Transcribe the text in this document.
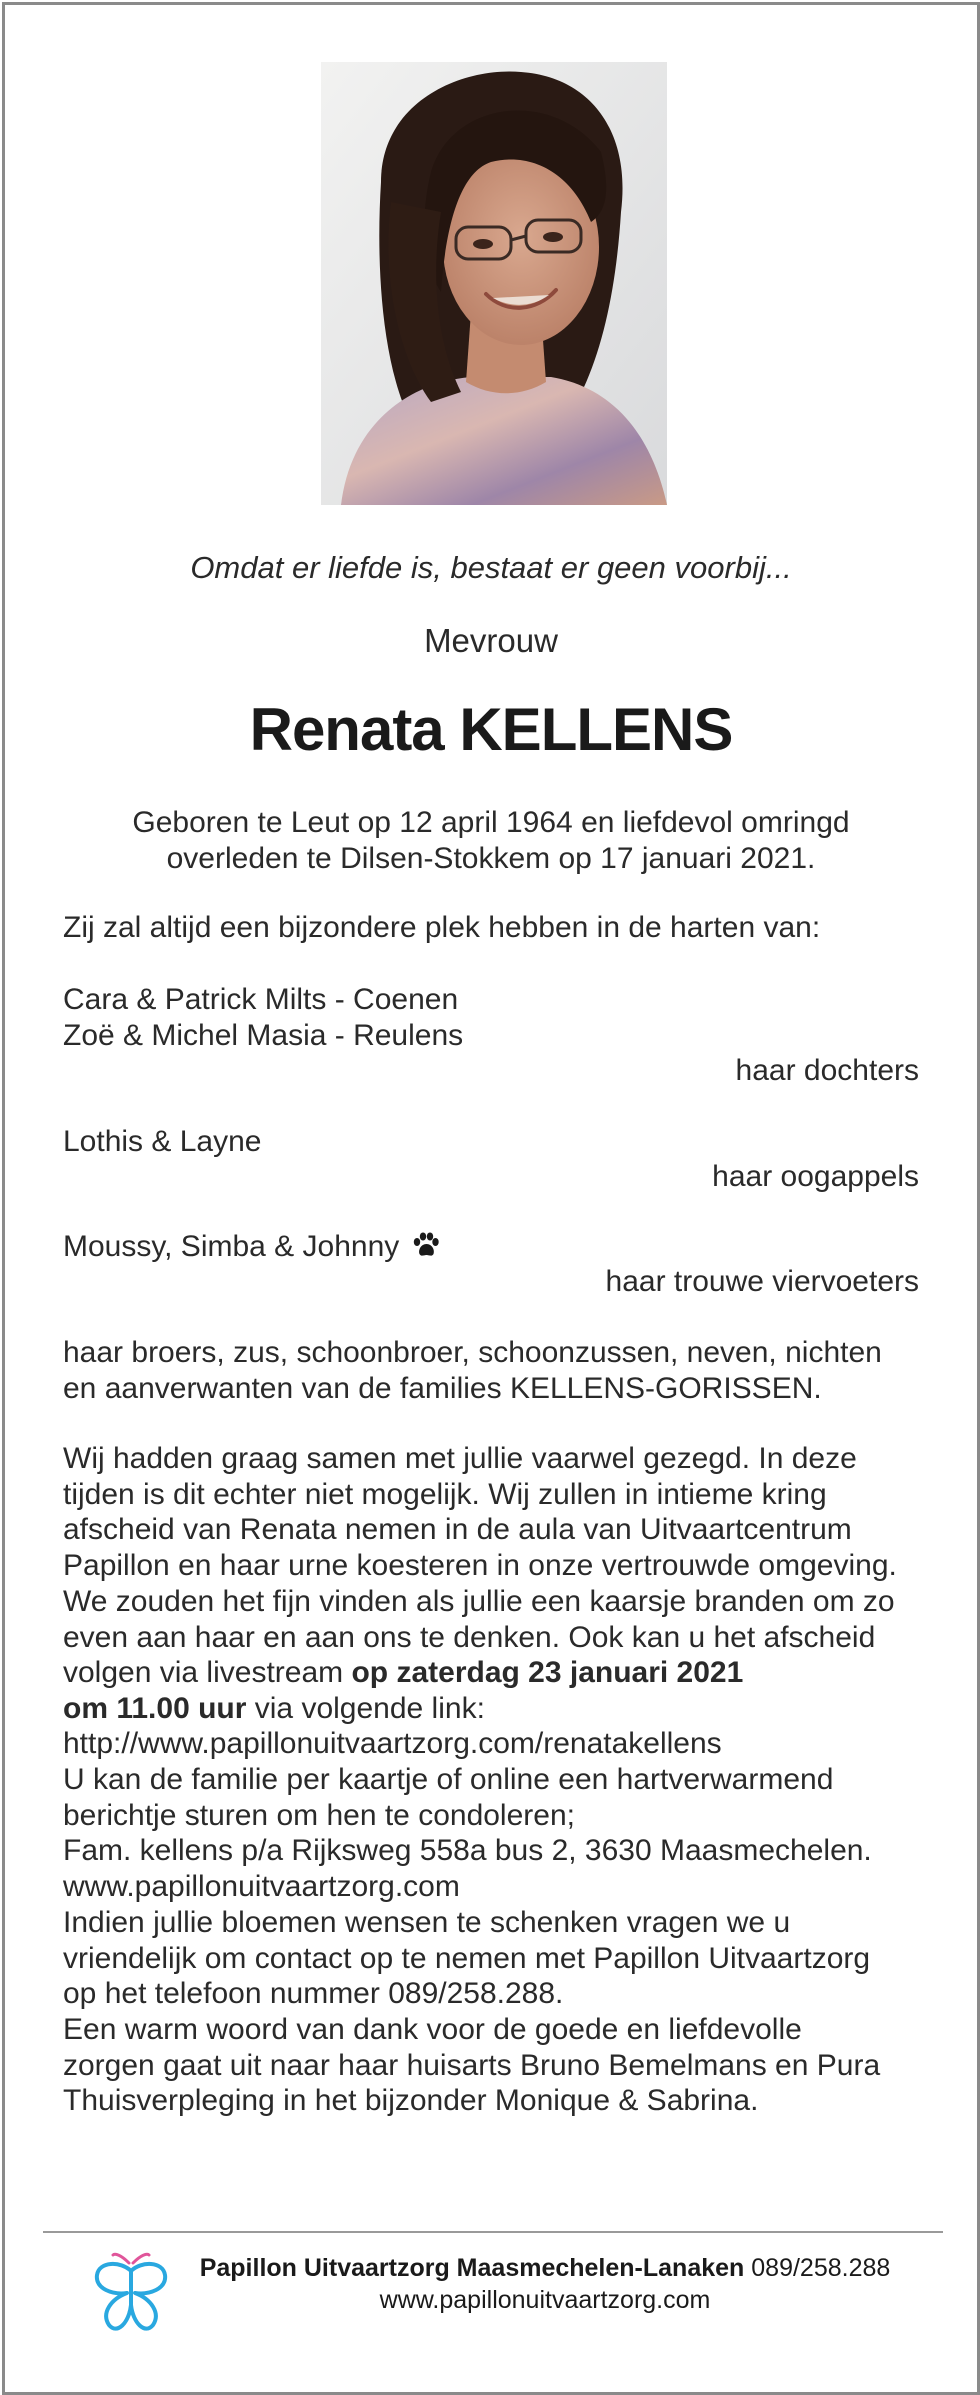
Omdat er liefde is, bestaat er geen voorbij...
Mevrouw
Renata KELLENS
Geboren te Leut op 12 april 1964 en liefdevol omringd
overleden te Dilsen-Stokkem op 17 januari 2021.
Zij zal altijd een bijzondere plek hebben in de harten van:
Cara & Patrick Milts - Coenen
Zoë & Michel Masia - Reulens
haar dochters
Lothis & Layne
haar oogappels
Moussy, Simba & Johnny
haar trouwe viervoeters
haar broers, zus, schoonbroer, schoonzussen, neven, nichten
en aanverwanten van de families KELLENS-GORISSEN.
Wij hadden graag samen met jullie vaarwel gezegd. In deze
tijden is dit echter niet mogelijk. Wij zullen in intieme kring
afscheid van Renata nemen in de aula van Uitvaartcentrum
Papillon en haar urne koesteren in onze vertrouwde omgeving.
We zouden het fijn vinden als jullie een kaarsje branden om zo
even aan haar en aan ons te denken. Ook kan u het afscheid
volgen via livestream op zaterdag 23 januari 2021
om 11.00 uur via volgende link:
http://www.papillonuitvaartzorg.com/renatakellens
U kan de familie per kaartje of online een hartverwarmend
berichtje sturen om hen te condoleren;
Fam. kellens p/a Rijksweg 558a bus 2, 3630 Maasmechelen.
www.papillonuitvaartzorg.com
Indien jullie bloemen wensen te schenken vragen we u
vriendelijk om contact op te nemen met Papillon Uitvaartzorg
op het telefoon nummer 089/258.288.
Een warm woord van dank voor de goede en liefdevolle
zorgen gaat uit naar haar huisarts Bruno Bemelmans en Pura
Thuisverpleging in het bijzonder Monique & Sabrina.
Papillon Uitvaartzorg Maasmechelen-Lanaken 089/258.288
www.papillonuitvaartzorg.com
